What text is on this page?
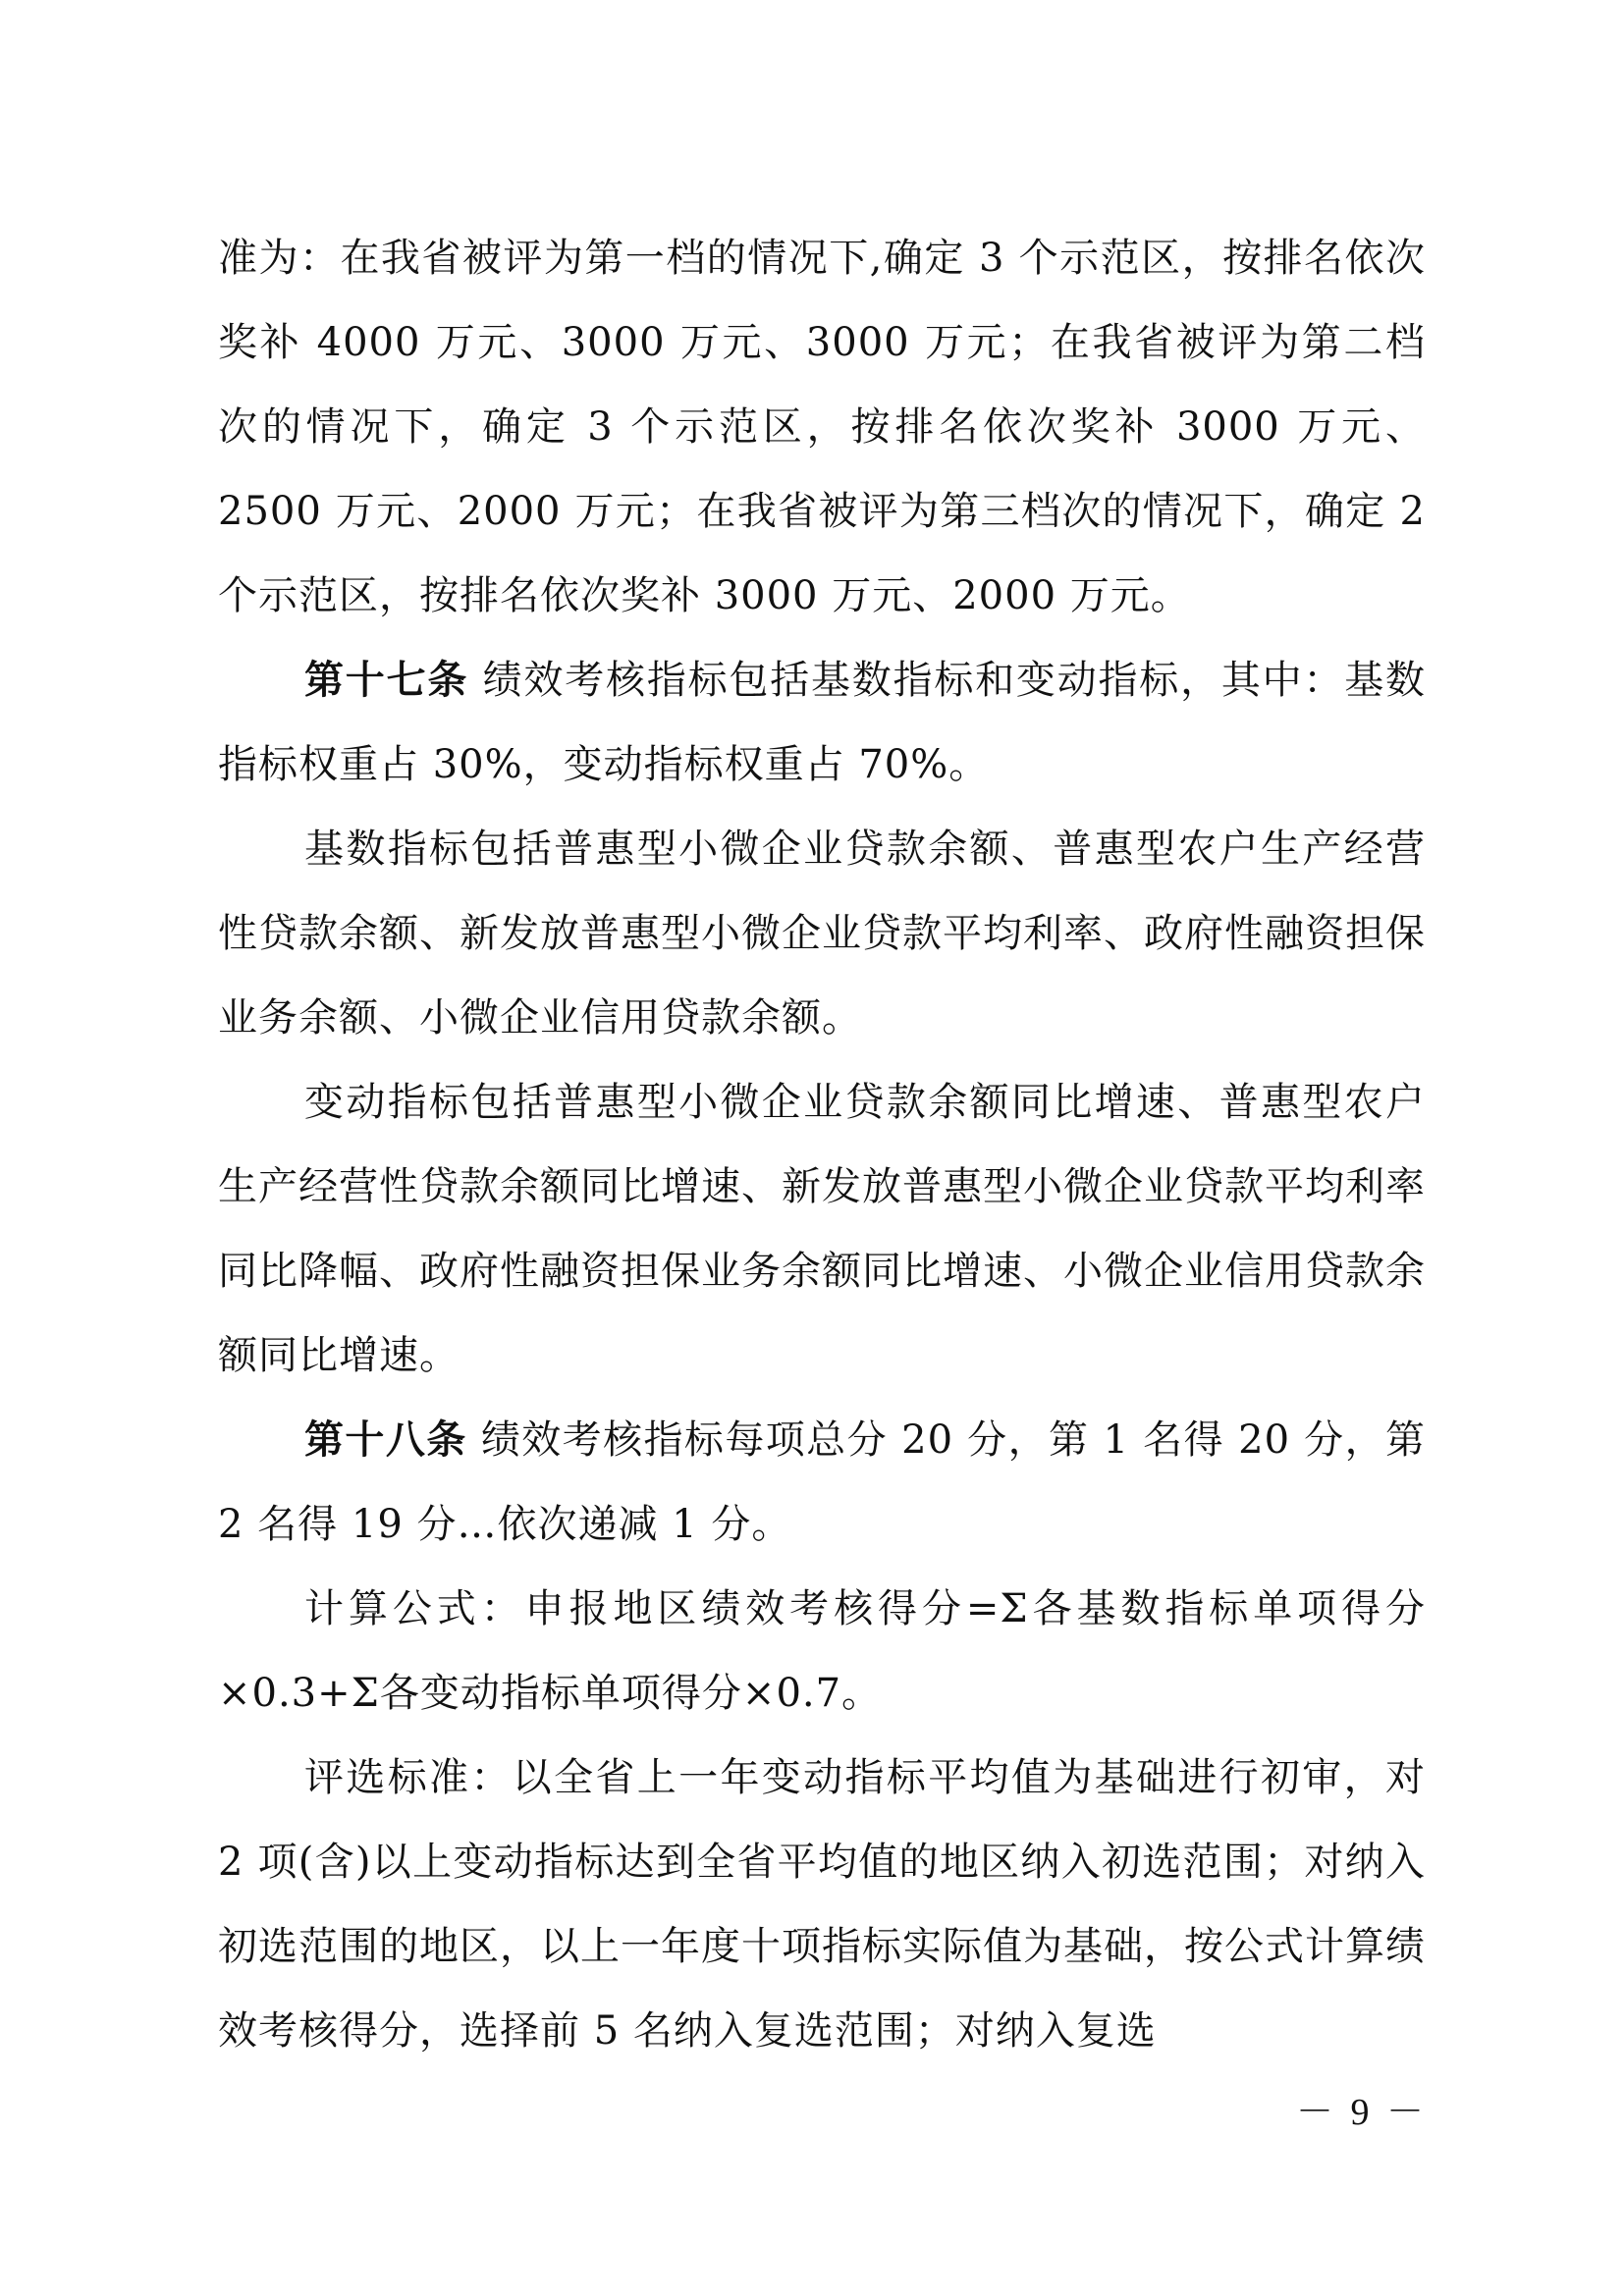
准为：在我省被评为第一档的情况下,确定 3 个示范区，按排名依次奖补 4000 万元、3000 万元、3000 万元；在我省被评为第二档次的情况下，确定 3 个示范区，按排名依次奖补 3000 万元、2500 万元、2000 万元；在我省被评为第三档次的情况下，确定 2 个示范区，按排名依次奖补 3000 万元、2000 万元。

第十七条 绩效考核指标包括基数指标和变动指标，其中：基数指标权重占 30%，变动指标权重占 70%。

基数指标包括普惠型小微企业贷款余额、普惠型农户生产经营性贷款余额、新发放普惠型小微企业贷款平均利率、政府性融资担保业务余额、小微企业信用贷款余额。

变动指标包括普惠型小微企业贷款余额同比增速、普惠型农户生产经营性贷款余额同比增速、新发放普惠型小微企业贷款平均利率同比降幅、政府性融资担保业务余额同比增速、小微企业信用贷款余额同比增速。

第十八条 绩效考核指标每项总分 20 分，第 1 名得 20 分，第 2 名得 19 分…依次递减 1 分。

计算公式：申报地区绩效考核得分=Σ各基数指标单项得分×0.3+Σ各变动指标单项得分×0.7。

评选标准：以全省上一年变动指标平均值为基础进行初审，对 2 项(含)以上变动指标达到全省平均值的地区纳入初选范围；对纳入初选范围的地区，以上一年度十项指标实际值为基础，按公式计算绩效考核得分，选择前 5 名纳入复选范围；对纳入复选

－ 9 －
